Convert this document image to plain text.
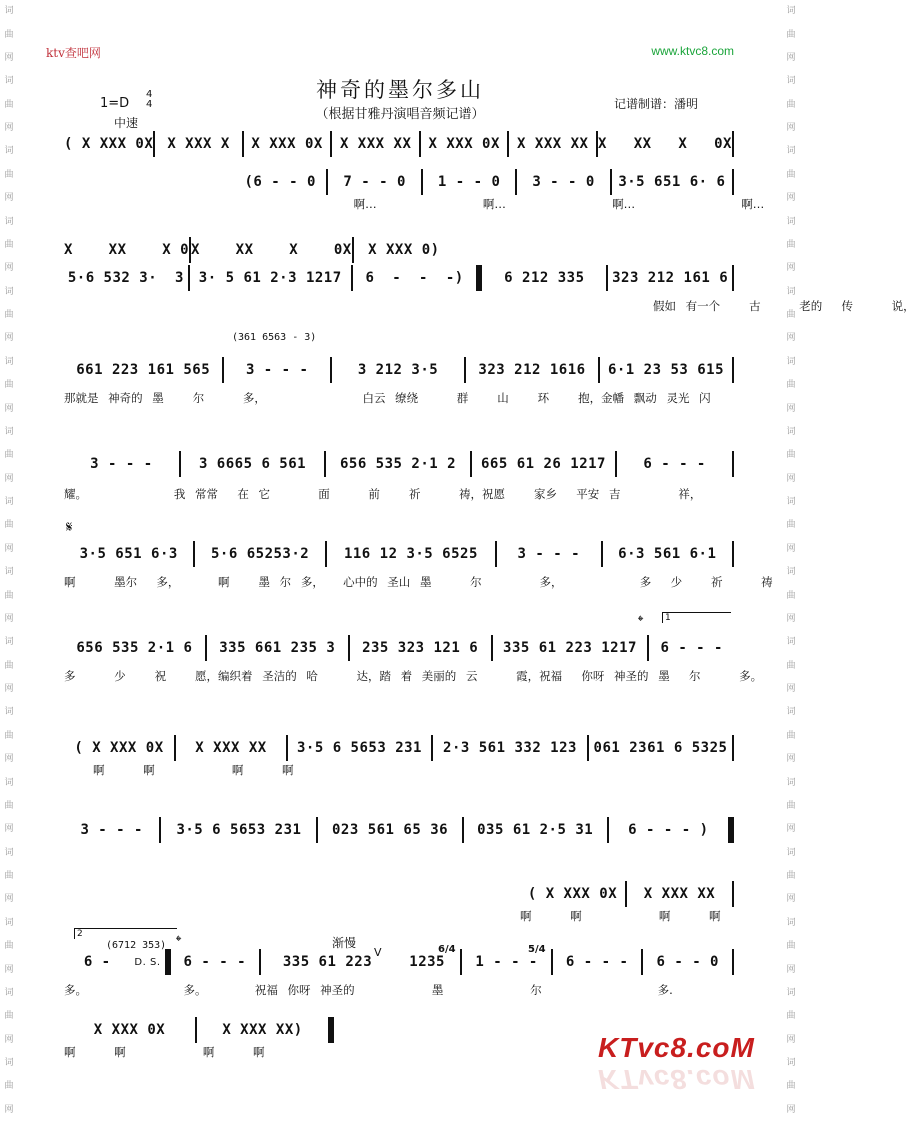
词
曲
网
词
曲
网
词
曲
网
词
曲
网
词
曲
网
词
曲
网
词
曲
网
词
曲
网
词
曲
网
词
曲
网
词
曲
网
词
曲
网
词
曲
网
词
曲
网
词
曲
网
词
曲
网
词
曲
网
词
曲
网
词
曲
网
词
曲
网
词
曲
网
词
曲
网
词
曲
网
词
曲
网
词
曲
网
词
曲
网
词
曲
网
词
曲
网
词
曲
网
词
曲
网
词
曲
网
词
曲
网
ktv查吧网	www.ktvc8.com
神奇的墨尔多山
（根据甘雅丹演唱音频记谱）
1=D
4
4
中速
记谱制谱：潘明
( X XXX 0X	X XXX X	X XXX 0X	X XXX XX	X XXX 0X	X XXX XX X   XX   X   0X
(6 - - 0	7 - - 0	1 - - 0	3 - - 0	3·5 651 6· 6
啊…           啊…           啊…           啊…
X    XX    X 0 X    XX    X    0X	X XXX 0)
5·6 532 3·  3	3· 5 61 2·3 1217	6  -  -  -)	6 212 335	323 212 161 6
假如 有一个   古    老的  传    说，
(361 6563 - 3)
661 223 161 565	3 - - -	3 212 3·5	323 212 1616	6·1 23 53 615
那就是 神奇的 墨   尔    多，          白云 缭绕    群   山   环   抱，金幡 飘动 灵光 闪
3 - - -	3 6665 6 561	656 535 2·1 2	665 61 26 1217	6 - - -
耀。         我 常常  在 它     面    前   祈    祷，祝愿   家乡  平安 吉      祥，
𝄋
3·5 651 6·3	5·6 65253·2	116 12 3·5 6525	3 - - -	6·3 561 6·1
啊    墨尔  多，    啊   墨 尔 多，  心中的 圣山 墨    尔      多，        多  少   祈    祷
𝄌	1
656 535 2·1 6	335 661 235 3	235 323 121 6	335 61 223 1217	6 - - -
多    少   祝   愿，编织着 圣洁的 哈    达，踏 着 美丽的 云    霞，祝福  你呀 神圣的 墨  尔    多。
( X XXX 0X	X XXX XX	3·5 6 5653 231	2·3 561 332 123	061 2361 6 5325
啊    啊        啊    啊
3 - - -	3·5 6 5653 231	023 561 65 36	035 61 2·5 31	6 - - - )
( X XXX 0X	X XXX XX
啊    啊        啊    啊
2
(6712 353) 𝄌	渐慢
V	6/4	5/4
6 -	D. S.	6 - - -	335 61 223	1235	1 - - -	6 - - -	6 - - 0
多。          多。     祝福 你呀 神圣的        墨         尔            多.
X XXX 0X	X XXX XX)
啊    啊        啊    啊	KTvc8.coM
KTvc8.coM
